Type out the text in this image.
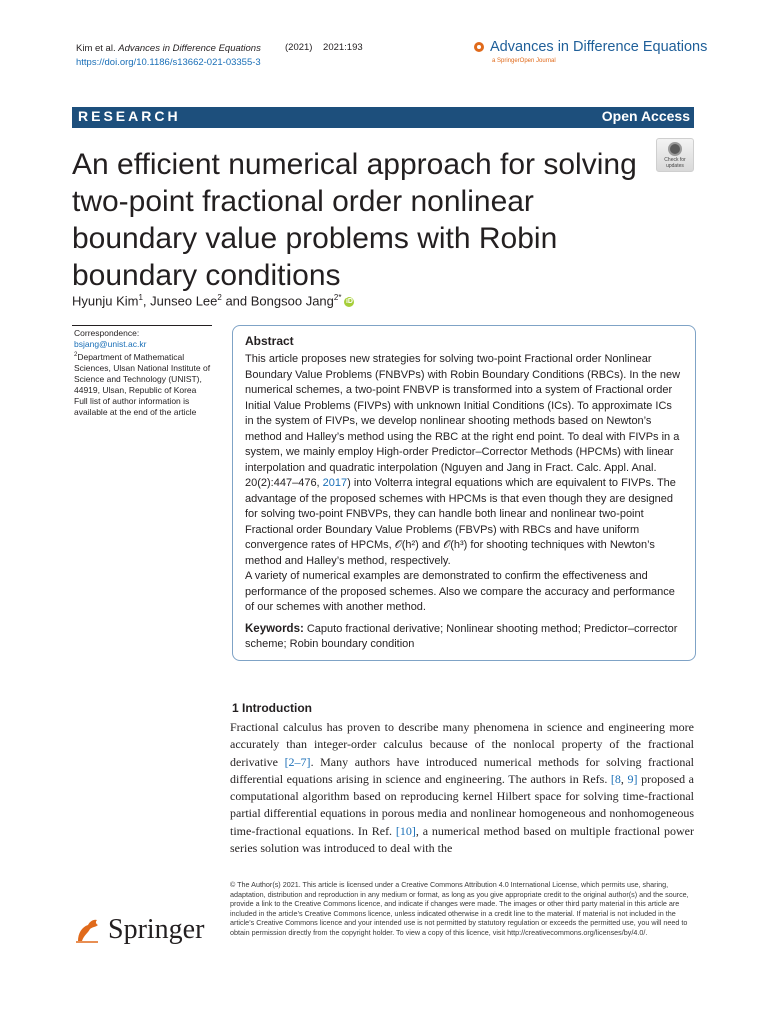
Kim et al. Advances in Difference Equations
https://doi.org/10.1186/s13662-021-03355-3
(2021) 2021:193	Advances in Difference Equations
a SpringerOpen Journal
RESEARCH	Open Access
An efficient numerical approach for solving two-point fractional order nonlinear boundary value problems with Robin boundary conditions
Check for updates
Hyunju Kim$^1$, Junseo Lee$^2$ and Bongsoo Jang$^{2*}$ iD
Correspondence:
bsjang@unist.ac.kr
$^2$Department of Mathematical Sciences, Ulsan National Institute of Science and Technology (UNIST), 44919, Ulsan, Republic of Korea
Full list of author information is available at the end of the article
Abstract

This article proposes new strategies for solving two-point Fractional order Nonlinear Boundary Value Problems (FNBVPs) with Robin Boundary Conditions (RBCs). In the new numerical schemes, a two-point FNBVP is transformed into a system of Fractional order Initial Value Problems (FIVPs) with unknown Initial Conditions (ICs). To approximate ICs in the system of FIVPs, we develop nonlinear shooting methods based on Newton’s method and Halley’s method using the RBC at the right end point. To deal with FIVPs in a system, we mainly employ High-order Predictor–Corrector Methods (HPCMs) with linear interpolation and quadratic interpolation (Nguyen and Jang in Fract. Calc. Appl. Anal. 20(2):447–476, 2017) into Volterra integral equations which are equivalent to FIVPs. The advantage of the proposed schemes with HPCMs is that even though they are designed for solving two-point FNBVPs, they can handle both linear and nonlinear two-point Fractional order Boundary Value Problems (FBVPs) with RBCs and have uniform convergence rates of HPCMs, 𝒪(h²) and 𝒪(h³) for shooting techniques with Newton’s method and Halley’s method, respectively.

A variety of numerical examples are demonstrated to confirm the effectiveness and performance of the proposed schemes. Also we compare the accuracy and performance of our schemes with another method.

Keywords: Caputo fractional derivative; Nonlinear shooting method; Predictor–corrector scheme; Robin boundary condition

1 Introduction

Fractional calculus has proven to describe many phenomena in science and engineering more accurately than integer-order calculus because of the nonlocal property of the fractional derivative [2–7]. Many authors have introduced numerical methods for solving fractional differential equations arising in science and engineering. The authors in Refs. [8, 9] proposed a computational algorithm based on reproducing kernel Hilbert space for solving time-fractional partial differential equations in porous media and nonlinear homogeneous and nonhomogeneous time-fractional equations. In Ref. [10], a numerical method based on multiple fractional power series solution was introduced to deal with the

Springer

© The Author(s) 2021. This article is licensed under a Creative Commons Attribution 4.0 International License, which permits use, sharing, adaptation, distribution and reproduction in any medium or format, as long as you give appropriate credit to the original author(s) and the source, provide a link to the Creative Commons licence, and indicate if changes were made. The images or other third party material in this article are included in the article’s Creative Commons licence, unless indicated otherwise in a credit line to the material. If material is not included in the article’s Creative Commons licence and your intended use is not permitted by statutory regulation or exceeds the permitted use, you will need to obtain permission directly from the copyright holder. To view a copy of this licence, visit http://creativecommons.org/licenses/by/4.0/.
